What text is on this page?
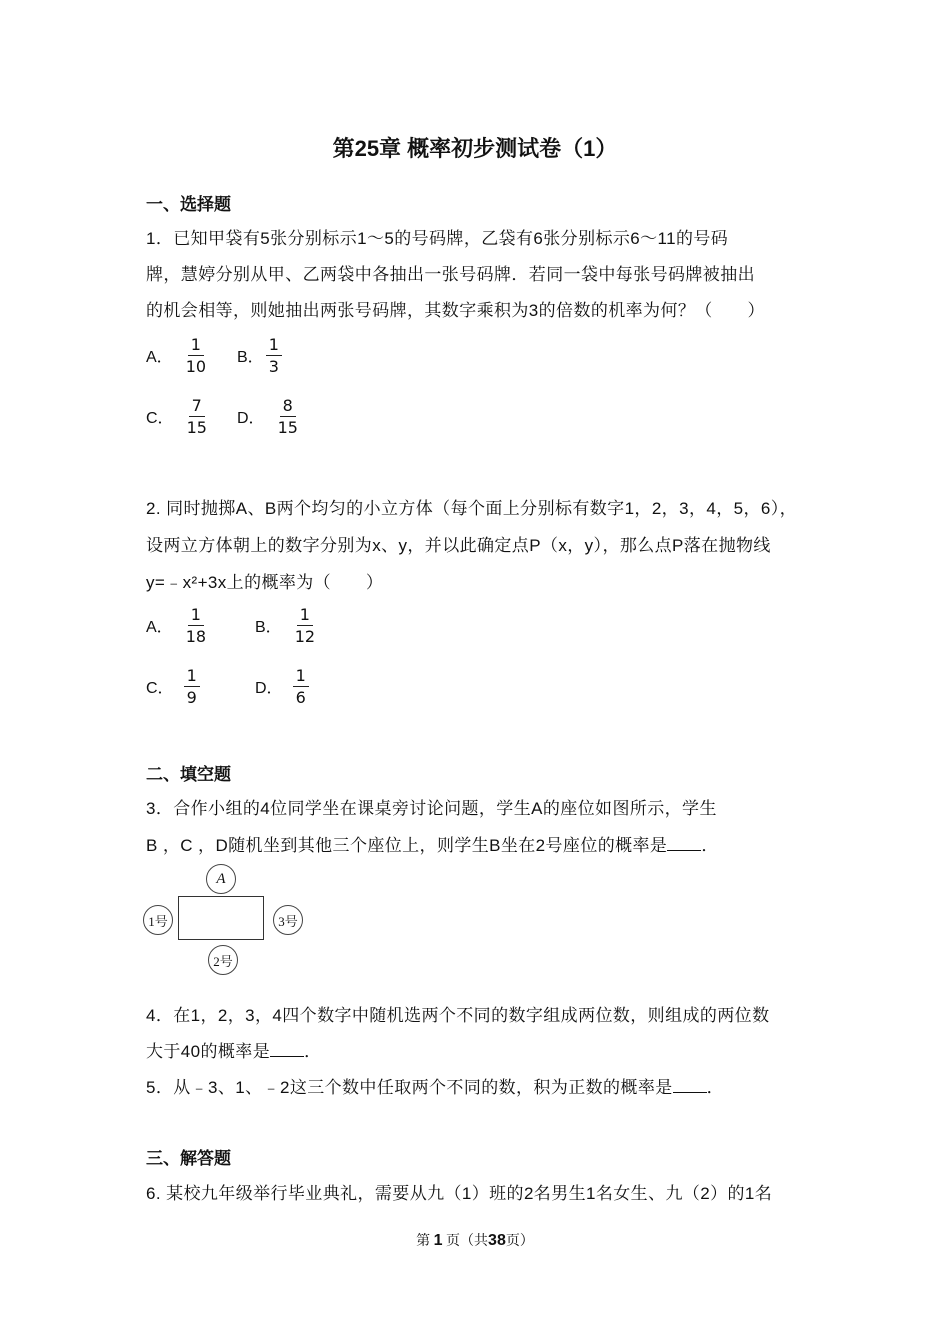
第25章 概率初步测试卷（1）
一、选择题
1．已知甲袋有5张分别标示1～5的号码牌，乙袋有6张分别标示6～11的号码
牌，慧婷分别从甲、乙两袋中各抽出一张号码牌．若同一袋中每张号码牌被抽出
的机会相等，则她抽出两张号码牌，其数字乘积为3的倍数的机率为何？（　　）
A． $\frac{1}{10}$ B． $\frac{1}{3}$
C． $\frac{7}{15}$ D． $\frac{8}{15}$
2. 同时抛掷A、B两个均匀的小立方体（每个面上分别标有数字1，2，3，4，5，6），
设两立方体朝上的数字分别为x、y，并以此确定点P（x，y），那么点P落在抛物线
y=﹣x²+3x上的概率为（　　）
A． $\frac{1}{18}$	B． $\frac{1}{12}$
C． $\frac{1}{9}$	D． $\frac{1}{6}$
二、填空题
3．合作小组的4位同学坐在课桌旁讨论问题，学生A的座位如图所示，学生
B ，C ，D随机坐到其他三个座位上，则学生B坐在2号座位的概率是 ．
A
1号	3号
2号
4．在1，2，3，4四个数字中随机选两个不同的数字组成两位数，则组成的两位数
大于40的概率是 ．
5．从﹣3、1、﹣2这三个数中任取两个不同的数，积为正数的概率是 ．
三、解答题
6. 某校九年级举行毕业典礼，需要从九（1）班的2名男生1名女生、九（2）的1名
第 1 页（共38页）
